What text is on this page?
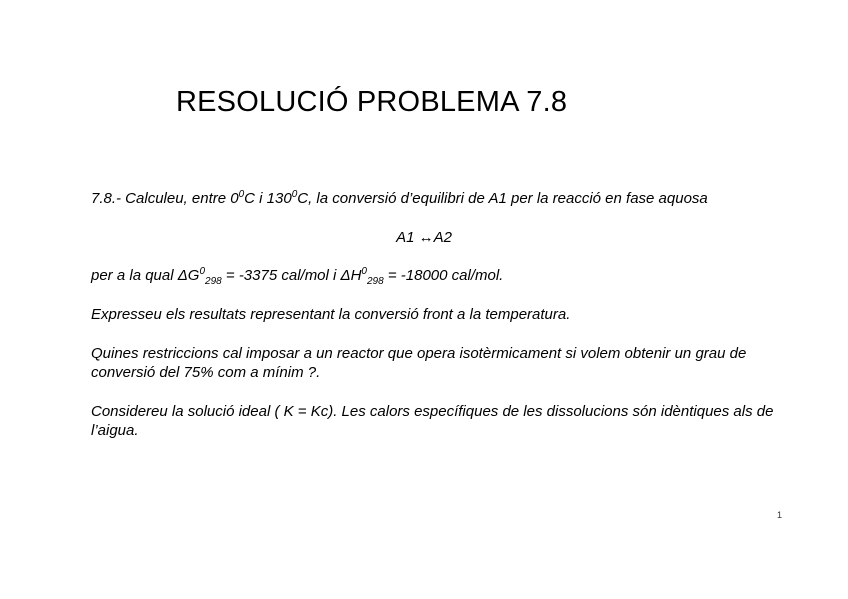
RESOLUCIÓ PROBLEMA 7.8
7.8.- Calculeu, entre $0^0C$ i $130^0C$, la conversió d’equilibri de A1 per la reacció en fase aquosa
A1 ↔A2
per a la qual $\Delta G^0_{298} = -3375$ cal/mol i $\Delta H^0_{298} = -18000$ cal/mol.
Expresseu els resultats representant la conversió front a la temperatura.
Quines restriccions cal imposar a un reactor que opera isotèrmicament si volem obtenir un grau de conversió del 75% com a mínim ?.
Considereu la solució ideal ( K = Kc). Les calors específiques de les dissolucions són idèntiques als de l’aigua.
1
